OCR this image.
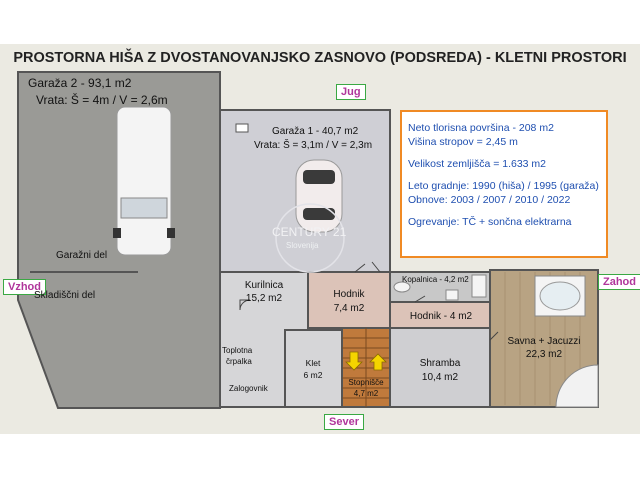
PROSTORNA HIŠA Z DVOSTANOVANJSKO ZASNOVO (PODSREDA) - KLETNI PROSTORI
Jug
Sever
Vzhod	Zahod
Garaža 2 - 93,1 m2
Vrata: Š = 4m / V = 2,6m
Garažni del
Skladiščni del
Garaža 1 - 40,7 m2
Vrata: Š = 3,1m / V = 2,3m
CENTURY 21
Slovenija
Kurilnica
15,2 m2
Toplotna
črpalka
Zalogovnik
Hodnik
7,4 m2
Kopalnica - 4,2 m2
Hodnik - 4 m2
Klet
6 m2
Stopnišče
4,7 m2
Shramba
10,4 m2
Savna + Jacuzzi
22,3 m2
Neto tlorisna površina - 208 m2
Višina stropov = 2,45 m
Velikost zemljišča = 1.633 m2
Leto gradnje: 1990 (hiša) / 1995 (garaža)
Obnove: 2003 / 2007 / 2010 / 2022
Ogrevanje: TČ + sončna elektrarna
